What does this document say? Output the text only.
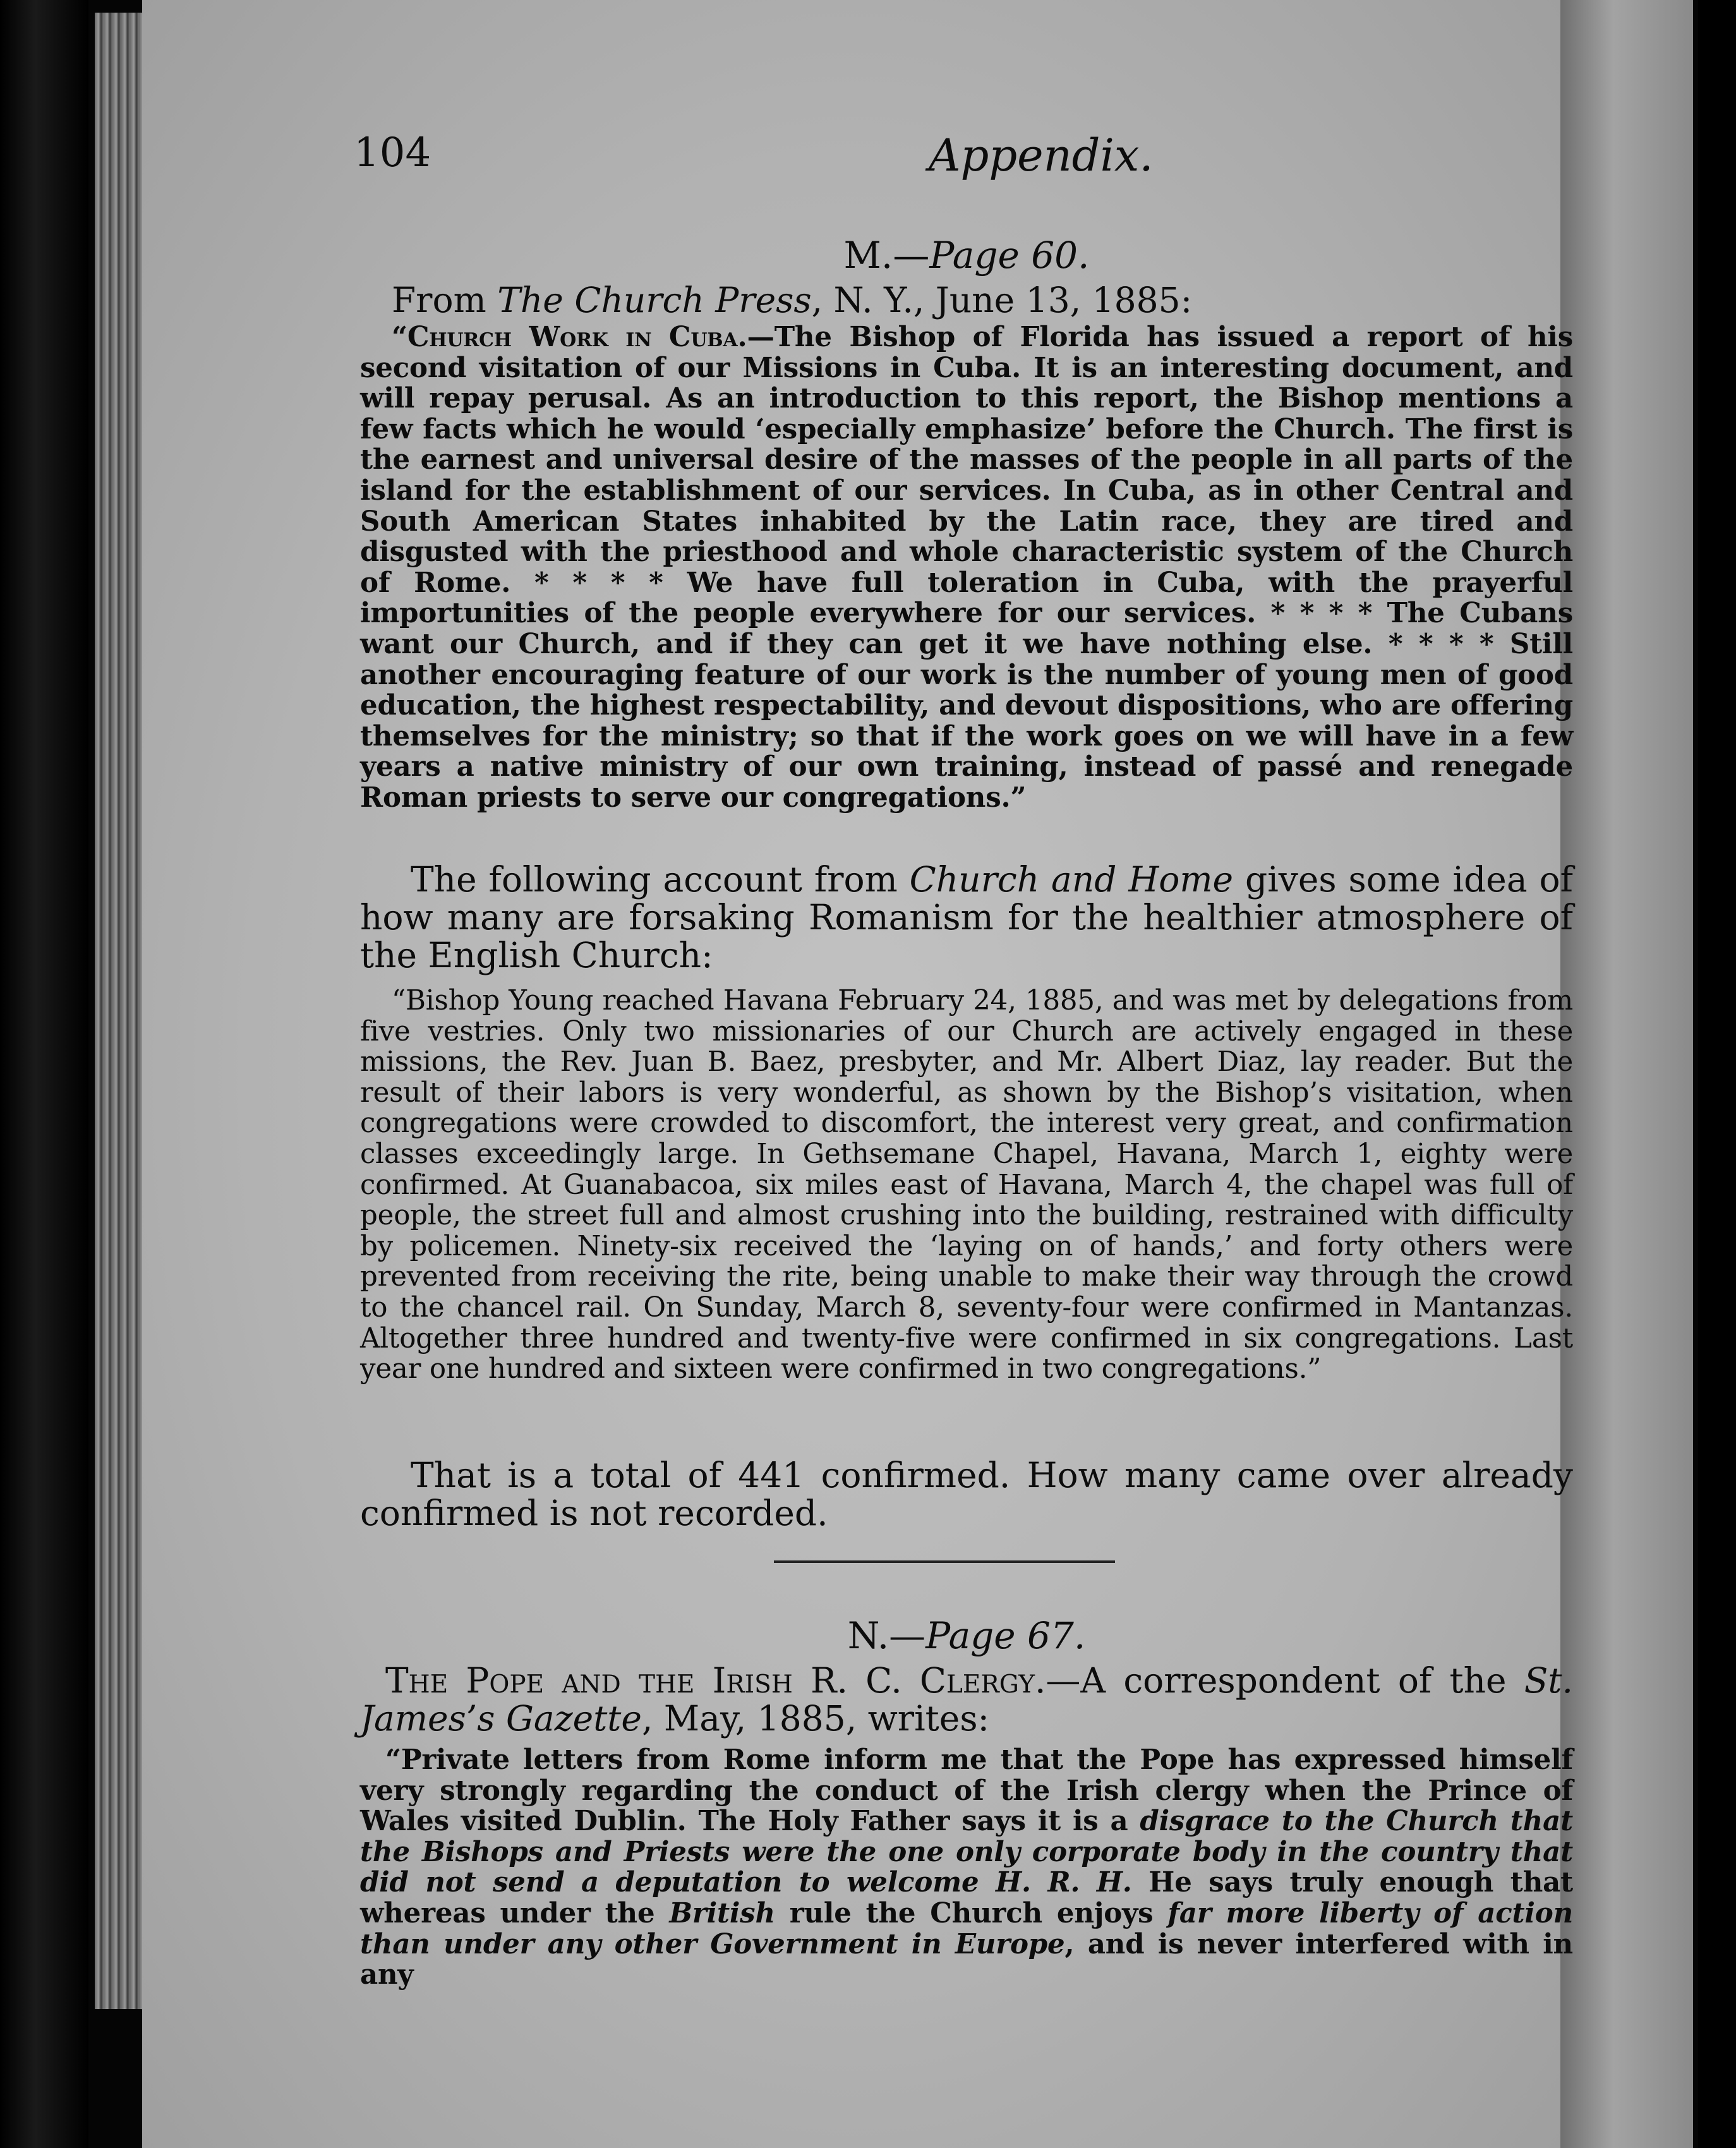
104	Appendix.
M.—Page 60.

From The Church Press, N. Y., June 13, 1885:

“Church Work in Cuba.—The Bishop of Florida has issued a report of his second visitation of our Missions in Cuba. It is an interesting document, and will repay perusal. As an introduction to this report, the Bishop mentions a few facts which he would ‘especially emphasize’ before the Church. The first is the earnest and universal desire of the masses of the people in all parts of the island for the establishment of our services. In Cuba, as in other Central and South American States inhabited by the Latin race, they are tired and disgusted with the priesthood and whole characteristic system of the Church of Rome. * * * * We have full toleration in Cuba, with the prayerful importunities of the people everywhere for our services. * * * * The Cubans want our Church, and if they can get it we have nothing else. * * * * Still another encouraging feature of our work is the number of young men of good education, the highest respectability, and devout dispositions, who are offering themselves for the ministry; so that if the work goes on we will have in a few years a native ministry of our own training, instead of passé and renegade Roman priests to serve our congregations.”

The following account from Church and Home gives some idea of how many are forsaking Romanism for the healthier atmosphere of the English Church:

“Bishop Young reached Havana February 24, 1885, and was met by delegations from five vestries. Only two missionaries of our Church are actively engaged in these missions, the Rev. Juan B. Baez, presbyter, and Mr. Albert Diaz, lay reader. But the result of their labors is very wonderful, as shown by the Bishop’s visitation, when congregations were crowded to discomfort, the interest very great, and confirmation classes exceedingly large. In Gethsemane Chapel, Havana, March 1, eighty were confirmed. At Guanabacoa, six miles east of Havana, March 4, the chapel was full of people, the street full and almost crushing into the building, restrained with difficulty by policemen. Ninety-six received the ‘laying on of hands,’ and forty others were prevented from receiving the rite, being unable to make their way through the crowd to the chancel rail. On Sunday, March 8, seventy-four were confirmed in Mantanzas. Altogether three hundred and twenty-five were confirmed in six congregations. Last year one hundred and sixteen were confirmed in two congregations.”

That is a total of 441 confirmed. How many came over already confirmed is not recorded.

N.—Page 67.

The Pope and the Irish R. C. Clergy.—A correspondent of the St. James’s Gazette, May, 1885, writes:

“Private letters from Rome inform me that the Pope has expressed himself very strongly regarding the conduct of the Irish clergy when the Prince of Wales visited Dublin. The Holy Father says it is a disgrace to the Church that the Bishops and Priests were the one only corporate body in the country that did not send a deputation to welcome H. R. H. He says truly enough that whereas under the British rule the Church enjoys far more liberty of action than under any other Government in Europe, and is never interfered with in any
